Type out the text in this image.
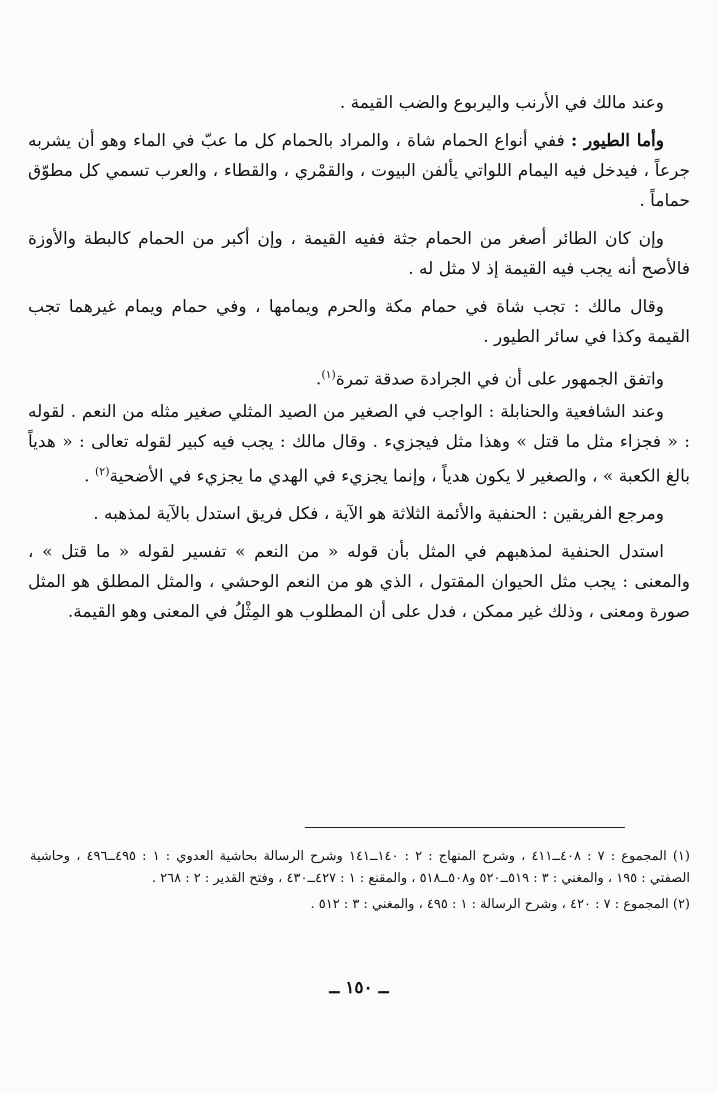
وعند مالك في الأرنب واليربوع والضب القيمة .

وأما الطيور : ففي أنواع الحمام شاة ، والمراد بالحمام كل ما عبّ في الماء وهو أن يشربه جرعاً ، فيدخل فيه اليمام اللواتي يألفن البيوت ، والقمْري ، والقطاء ، والعرب تسمي كل مطوّق حماماً .

وإن كان الطائر أصغر من الحمام جثة ففيه القيمة ، وإن أكبر من الحمام كالبطة والأوزة فالأصح أنه يجب فيه القيمة إذ لا مثل له .

وقال مالك : تجب شاة في حمام مكة والحرم ويمامها ، وفي حمام ويمام غيرهما تجب القيمة وكذا في سائر الطيور .

واتفق الجمهور على أن في الجرادة صدقة تمرة$^{(١)}$.

وعند الشافعية والحنابلة : الواجب في الصغير من الصيد المثلي صغير مثله من النعم . لقوله : « فجزاء مثل ما قتل » وهذا مثل فيجزيء . وقال مالك : يجب فيه كبير لقوله تعالى : « هدياً بالغ الكعبة » ، والصغير لا يكون هدياً ، وإنما يجزيء في الهدي ما يجزيء في الأضحية$^{(٢)}$ .

ومرجع الفريقين : الحنفية والأئمة الثلاثة هو الآية ، فكل فريق استدل بالآية لمذهبه .

استدل الحنفية لمذهبهم في المثل بأن قوله « من النعم » تفسير لقوله « ما قتل » ، والمعنى : يجب مثل الحيوان المقتول ، الذي هو من النعم الوحشي ، والمثل المطلق هو المثل صورة ومعنى ، وذلك غير ممكن ، فدل على أن المطلوب هو المِثْلُ في المعنى وهو القيمة.

(١) المجموع : ٧ : ٤٠٨ــ٤١١ ، وشرح المنهاج : ٢ : ١٤٠ــ١٤١ وشرح الرسالة بحاشية العدوي : ١ : ٤٩٥ــ٤٩٦ ، وحاشية الصفتي : ١٩٥ ، والمغني : ٣ : ٥١٩ــ٥٢٠ و٥٠٨ــ٥١٨ ، والمقنع : ١ : ٤٢٧ــ٤٣٠ ، وفتح القدير : ٢ : ٢٦٨ .

(٢) المجموع : ٧ : ٤٢٠ ، وشرح الرسالة : ١ : ٤٩٥ ، والمغني : ٣ : ٥١٢ .

ــ ١٥٠ ــ
